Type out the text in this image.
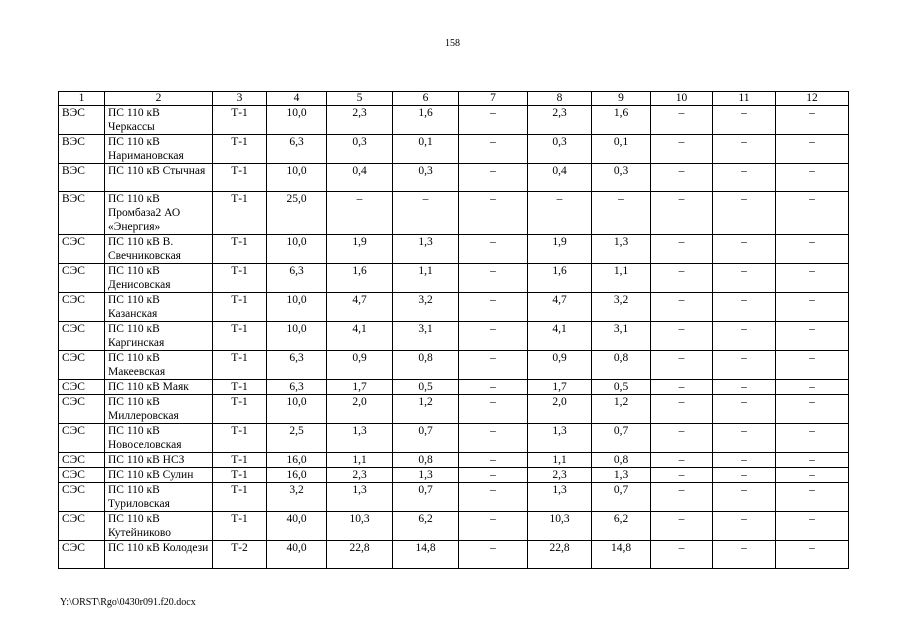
158
1	2	3	4	5	6	7	8	9	10	11	12
ВЭС	ПС 110 кВ Черкассы	Т-1	10,0	2,3	1,6	–	2,3	1,6	–	–	–
ВЭС	ПС 110 кВ Наримановская	Т-1	6,3	0,3	0,1	–	0,3	0,1	–	–	–
ВЭС	ПС 110 кВ Стычная	Т-1	10,0	0,4	0,3	–	0,4	0,3	–	–	–
ВЭС	ПС 110 кВ Промбаза2 АО «Энергия»	Т-1	25,0	–	–	–	–	–	–	–	–
СЭС	ПС 110 кВ В. Свечниковская	Т-1	10,0	1,9	1,3	–	1,9	1,3	–	–	–
СЭС	ПС 110 кВ Денисовская	Т-1	6,3	1,6	1,1	–	1,6	1,1	–	–	–
СЭС	ПС 110 кВ Казанская	Т-1	10,0	4,7	3,2	–	4,7	3,2	–	–	–
СЭС	ПС 110 кВ Каргинская	Т-1	10,0	4,1	3,1	–	4,1	3,1	–	–	–
СЭС	ПС 110 кВ Макеевская	Т-1	6,3	0,9	0,8	–	0,9	0,8	–	–	–
СЭС	ПС 110 кВ Маяк	Т-1	6,3	1,7	0,5	–	1,7	0,5	–	–	–
СЭС	ПС 110 кВ Миллеровская	Т-1	10,0	2,0	1,2	–	2,0	1,2	–	–	–
СЭС	ПС 110 кВ Новоселовская	Т-1	2,5	1,3	0,7	–	1,3	0,7	–	–	–
СЭС	ПС 110 кВ НСЗ	Т-1	16,0	1,1	0,8	–	1,1	0,8	–	–	–
СЭС	ПС 110 кВ Сулин	Т-1	16,0	2,3	1,3	–	2,3	1,3	–	–	–
СЭС	ПС 110 кВ Туриловская	Т-1	3,2	1,3	0,7	–	1,3	0,7	–	–	–
СЭС	ПС 110 кВ Кутейниково	Т-1	40,0	10,3	6,2	–	10,3	6,2	–	–	–
СЭС	ПС 110 кВ Колодези	Т-2	40,0	22,8	14,8	–	22,8	14,8	–	–	–
Y:\ORST\Rgo\0430r091.f20.docx
